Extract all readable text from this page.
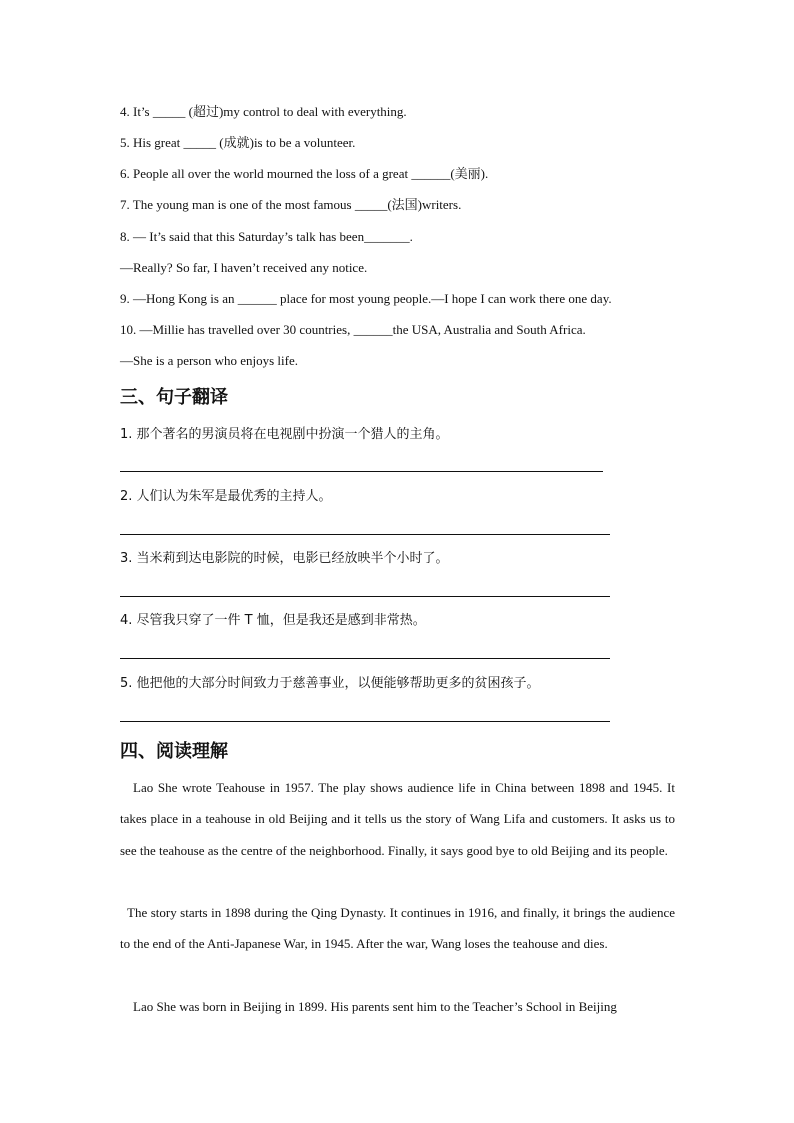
4. It’s _____ (超过)my control to deal with everything.
5. His great _____ (成就)is to be a volunteer.
6. People all over the world mourned the loss of a great ______(美丽).
7. The young man is one of the most famous _____(法国)writers.
8. — It’s said that this Saturday’s talk has been_______.
—Really? So far, I haven’t received any notice.
9. —Hong Kong is an ______ place for most young people.—I hope I can work there one day.
10. —Millie has travelled over 30 countries, ______the USA, Australia and South Africa.
—She is a person who enjoys life.
三、句子翻译
1. 那个著名的男演员将在电视剧中扮演一个猎人的主角。
2. 人们认为朱军是最优秀的主持人。
3. 当米莉到达电影院的时候，电影已经放映半个小时了。
4. 尽管我只穿了一件 T 恤，但是我还是感到非常热。
5. 他把他的大部分时间致力于慈善事业，以便能够帮助更多的贫困孩子。
四、阅读理解
Lao She wrote Teahouse in 1957. The play shows audience life in China between 1898 and 1945. It takes place in a teahouse in old Beijing and it tells us the story of Wang Lifa and customers. It asks us to see the teahouse as the centre of the neighborhood. Finally, it says good bye to old Beijing and its people.
The story starts in 1898 during the Qing Dynasty. It continues in 1916, and finally, it brings the audience to the end of the Anti-Japanese War, in 1945. After the war, Wang loses the teahouse and dies.
Lao She was born in Beijing in 1899. His parents sent him to the Teacher’s School in Beijing
